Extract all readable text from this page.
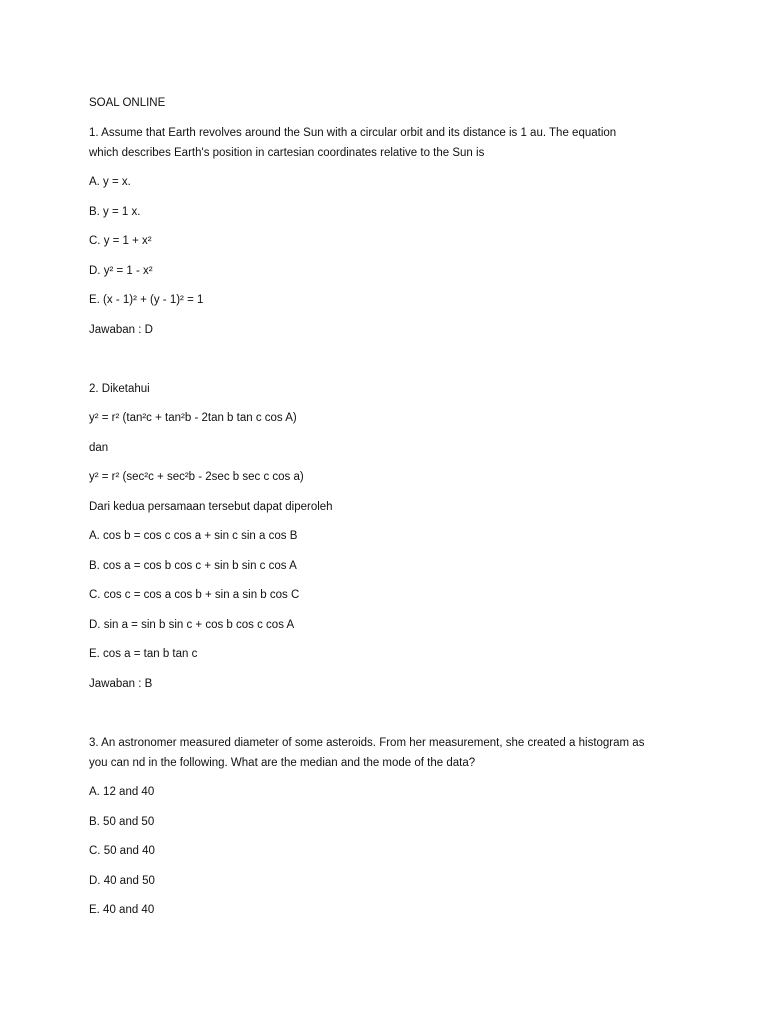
SOAL ONLINE
1. Assume that Earth revolves around the Sun with a circular orbit and its distance is 1 au. The equation
which describes Earth's position in cartesian coordinates relative to the Sun is
A. y = x.
B. y = 1 x.
C. y = 1 + x²
D. y² = 1 - x²
E. (x - 1)² + (y - 1)² = 1
Jawaban : D
2. Diketahui
y² = r² (tan²c + tan²b - 2tan b tan c cos A)
dan
y² = r² (sec²c + sec²b - 2sec b sec c cos a)
Dari kedua persamaan tersebut dapat diperoleh
A. cos b = cos c cos a + sin c sin a cos B
B. cos a = cos b cos c + sin b sin c cos A
C. cos c = cos a cos b + sin a sin b cos C
D. sin a = sin b sin c + cos b cos c cos A
E. cos a = tan b tan c
Jawaban : B
3. An astronomer measured diameter of some asteroids. From her measurement, she created a histogram as
you can nd in the following. What are the median and the mode of the data?
A. 12 and 40
B. 50 and 50
C. 50 and 40
D. 40 and 50
E. 40 and 40
